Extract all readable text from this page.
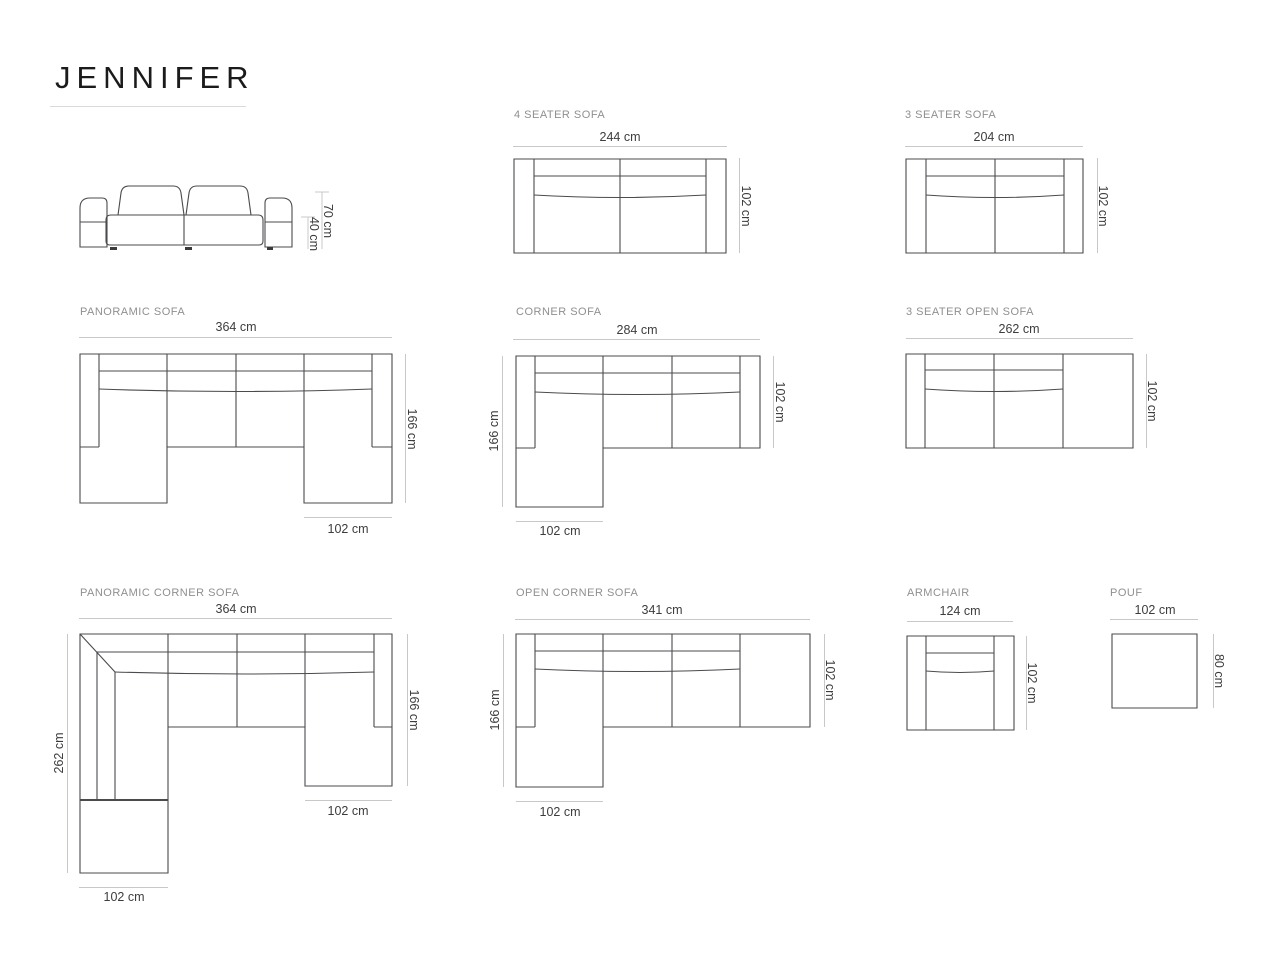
JENNIFER
70 cm
40 cm
4 SEATER SOFA
244 cm
102 cm
3 SEATER SOFA
204 cm
102 cm
PANORAMIC SOFA
364 cm
166 cm
102 cm
CORNER SOFA
284 cm
102 cm
166 cm
102 cm
3 SEATER OPEN SOFA
262 cm
102 cm
PANORAMIC CORNER SOFA
364 cm
166 cm
262 cm
102 cm
102 cm
OPEN CORNER SOFA
341 cm
102 cm
166 cm
102 cm
ARMCHAIR
124 cm
102 cm
POUF
102 cm
80 cm
